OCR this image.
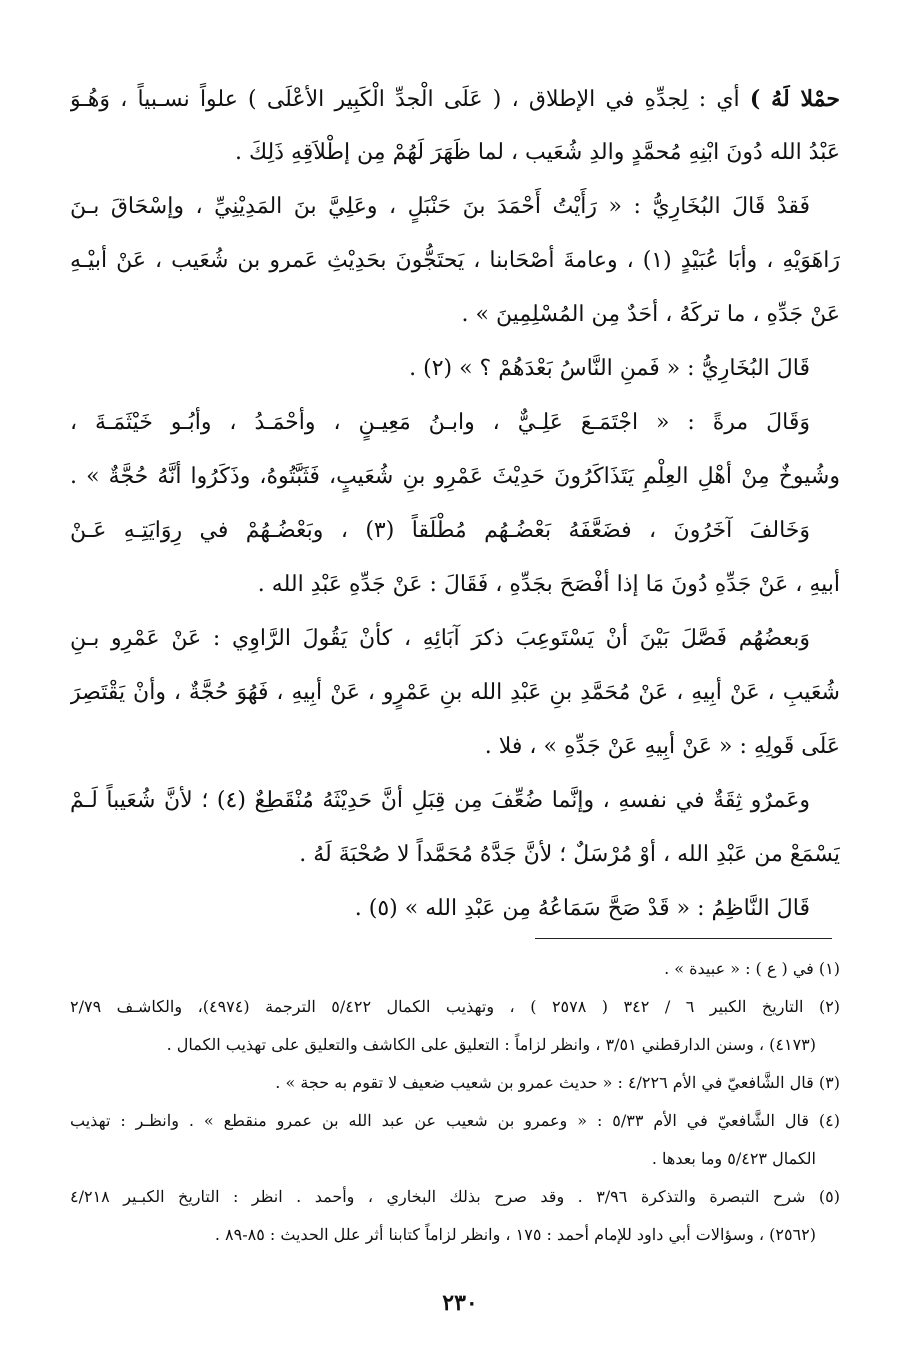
حمْلا لَهُ ) أي : لِجدِّهِ في الإطلاق ، ( عَلَى الْجدِّ الْكَبِير الأعْلَى ) علواً نسـبياً ، وَهُـوَ
عَبْدُ الله دُونَ ابْنِهِ مُحمَّدٍ والدِ شُعَيب ، لما ظَهَرَ لَهُمْ مِن إطْلاَقِهِ ذَلِكَ .
فَقدْ قَالَ البُخَارِيُّ : « رَأَيْتُ أَحْمَدَ بنَ حَنْبَلٍ ، وعَلِيَّ بنَ المَدِيْنِيِّ ، وإسْحَاقَ بـنَ
رَاهَوَيْهِ ، وأبَا عُبَيْدٍ (١) ، وعامةَ أصْحَابنا ، يَحتَجُّونَ بحَدِيْثِ عَمرو بن شُعَيب ، عَنْ أبيْـهِ
عَنْ جَدِّهِ ، ما تركَهُ ، أحَدٌ مِن المُسْلِمِينَ » .
قَالَ البُخَارِيُّ : « فَمنِ النَّاسُ بَعْدَهُمْ ؟ » (٢) .
وَقَالَ مرةً : « اجْتَمَـعَ عَلِـيٌّ ، وابـنُ مَعِيـنٍ ، وأحْمَـدُ ، وأبُـو خَيْثَمَـةَ ،
وشُيوخٌ مِنْ أهْلِ العِلْمِ يَتَذَاكَرُونَ حَدِيْثَ عَمْرِو بنِ شُعَيبٍ، فَثَبَّتُوهُ، وذَكَرُوا أنَّهُ حُجَّةٌ » .
وَخَالفَ آخَرُونَ ، فضَعَّفَهُ بَعْضُـهُم مُطْلَقاً (٣) ، وبَعْضُـهُمْ في رِوَايَتِـهِ عَـنْ
أبيهِ ، عَنْ جَدِّهِ دُونَ مَا إذا أفْصَحَ بجَدِّهِ ، فَقَالَ : عَنْ جَدِّهِ عَبْدِ الله .
وَبعضُهُم فَصَّلَ بَيْنَ أنْ يَسْتَوعِبَ ذكرَ آبَائِهِ ، كأنْ يَقُولَ الرَّاوِي : عَنْ عَمْرِو بـنِ
شُعَيبِ ، عَنْ أبِيهِ ، عَنْ مُحَمَّدِ بنِ عَبْدِ الله بنِ عَمْرٍو ، عَنْ أبِيهِ ، فَهُوَ حُجَّةٌ ، وأنْ يَقْتَصِرَ
عَلَى قَولِهِ : « عَنْ أبِيهِ عَنْ جَدِّهِ » ، فلا .
وعَمرٌو ثِقَةٌ في نفسهِ ، وإنَّما ضُعِّفَ مِن قِبَلِ أنَّ حَدِيْثَهُ مُنْقَطِعٌ (٤) ؛ لأنَّ شُعَيباً لَـمْ
يَسْمَعْ من عَبْدِ الله ، أوْ مُرْسَلٌ ؛ لأنَّ جَدَّهُ مُحَمَّداً لا صُحْبَةَ لَهُ .
قَالَ النَّاظِمُ : « قَدْ صَحَّ سَمَاعُهُ مِن عَبْدِ الله » (٥) .
(١) في ( ع ) : « عبيدة » .
(٢) التاريخ الكبير ٦ / ٣٤٢ ( ٢٥٧٨ ) ، وتهذيب الكمال ٥/٤٢٢ الترجمة (٤٩٧٤)، والكاشـف ٢/٧٩
(٤١٧٣) ، وسنن الدارقطني ٣/٥١ ، وانظر لزاماً : التعليق على الكاشف والتعليق على تهذيب الكمال .
(٣) قال الشَّافعيّ في الأم ٤/٢٢٦ : « حديث عمرو بن شعيب ضعيف لا تقوم به حجة » .
(٤) قال الشَّافعيّ في الأم ٥/٣٣ : « وعمرو بن شعيب عن عبد الله بن عمرو منقطع » . وانظـر : تهذيب
الكمال ٥/٤٢٣ وما بعدها .
(٥) شرح التبصرة والتذكرة ٣/٩٦ . وقد صرح بذلك البخاري ، وأحمد . انظر : التاريخ الكبـير ٤/٢١٨
(٢٥٦٢) ، وسؤالات أبي داود للإمام أحمد : ١٧٥ ، وانظر لزاماً كتابنا أثر علل الحديث : ٨٥-٨٩ .
٢٣٠
